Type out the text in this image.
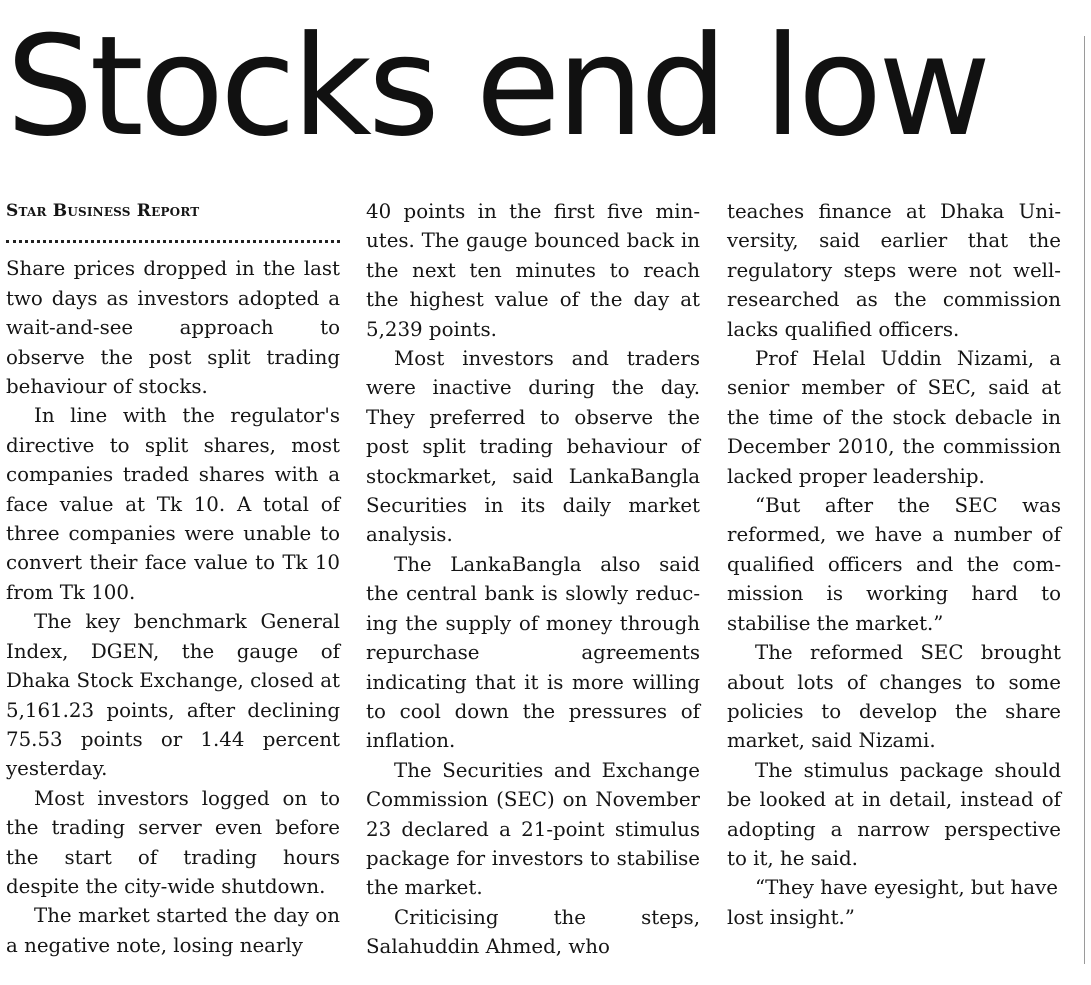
Stocks end low
Star Business Report

Share prices dropped in the last two days as investors adopted a wait-and-see approach to observe the post split trading behaviour of stocks.

In line with the regulator's directive to split shares, most companies traded shares with a face value at Tk 10. A total of three companies were unable to convert their face value to Tk 10 from Tk 100.

The key benchmark General Index, DGEN, the gauge of Dhaka Stock Exchange, closed at 5,161.23 points, after declining 75.53 points or 1.44 percent yesterday.

Most investors logged on to the trading server even before the start of trading hours despite the city-wide shutdown.

The market started the day on a negative note, losing nearly

40 points in the first five minutes. The gauge bounced back in the next ten minutes to reach the highest value of the day at 5,239 points.

Most investors and traders were inactive during the day. They preferred to observe the post split trading behaviour of stockmarket, said LankaBangla Securities in its daily market analysis.

The LankaBangla also said the central bank is slowly reducing the supply of money through repurchase agreements indicating that it is more willing to cool down the pressures of inflation.

The Securities and Exchange Commission (SEC) on November 23 declared a 21-point stimulus package for investors to stabilise the market.

Criticising the steps, Salahuddin Ahmed, who

teaches finance at Dhaka University, said earlier that the regulatory steps were not well-researched as the commission lacks qualified officers.

Prof Helal Uddin Nizami, a senior member of SEC, said at the time of the stock debacle in December 2010, the commission lacked proper leadership.

“But after the SEC was reformed, we have a number of qualified officers and the commission is working hard to stabilise the market.”

The reformed SEC brought about lots of changes to some policies to develop the share market, said Nizami.

The stimulus package should be looked at in detail, instead of adopting a narrow perspective to it, he said.

“They have eyesight, but have lost insight.”
